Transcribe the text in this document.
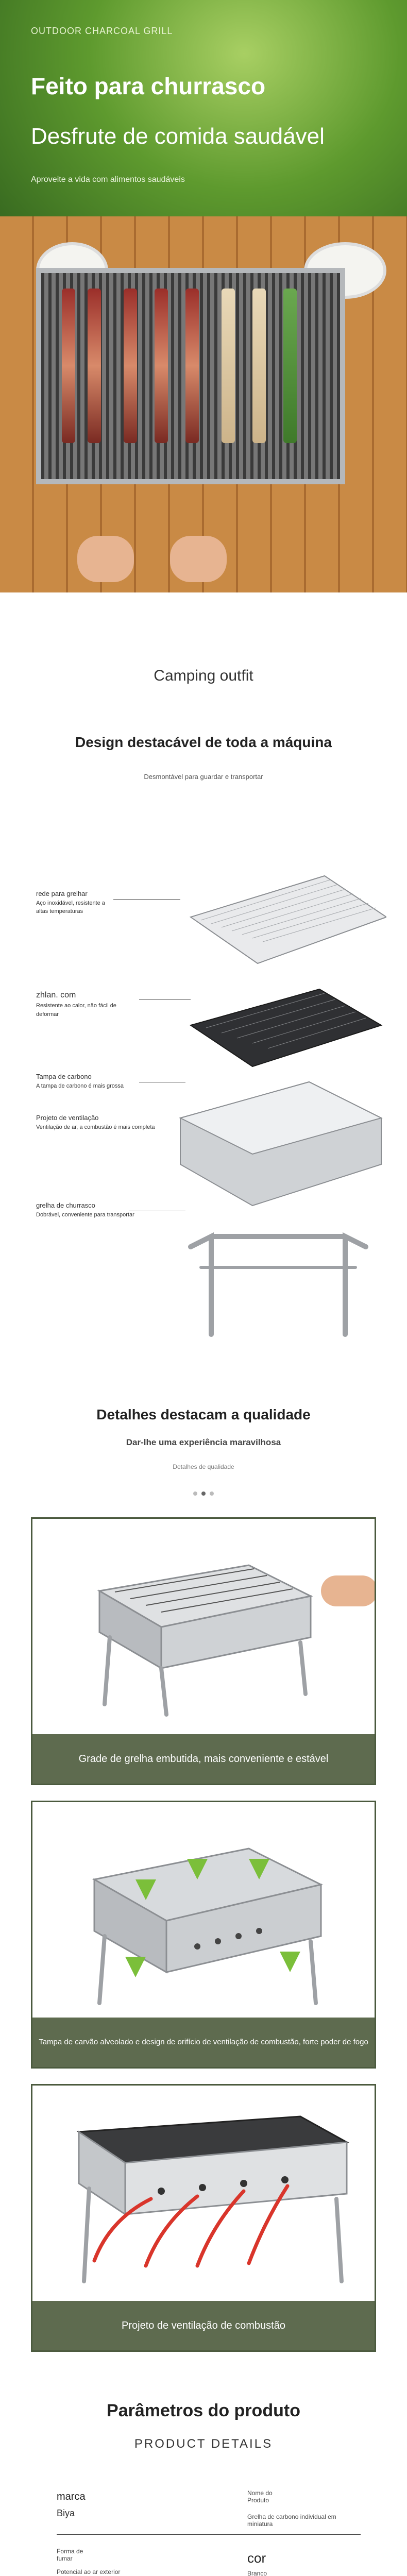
OUTDOOR CHARCOAL GRILL
Feito para churrasco
Desfrute de comida saudável
Aproveite a vida com alimentos saudáveis
Camping outfit
Design destacável de toda a máquina
Desmontável para guardar e transportar
rede para grelhar
Aço inoxidável, resistente a altas temperaturas
zhlan. com
Resistente ao calor, não fácil de deformar
Tampa de carbono
A tampa de carbono é mais grossa
Projeto de ventilação
Ventilação de ar, a combustão é mais completa
grelha de churrasco
Dobrável, conveniente para transportar
Detalhes destacam a qualidade
Dar-lhe uma experiência maravilhosa
Detalhes de qualidade
Grade de grelha embutida, mais conveniente e estável
Tampa de carvão alveolado e design de orifício de ventilação de combustão, forte poder de fogo
Projeto de ventilação de combustão
Parâmetros do produto
PRODUCT DETAILS
marca
Biya
Nome do Produto
Grelha de carbono individual em miniatura
Forma de fumar
Potencial ao ar exterior
cor
Branco
